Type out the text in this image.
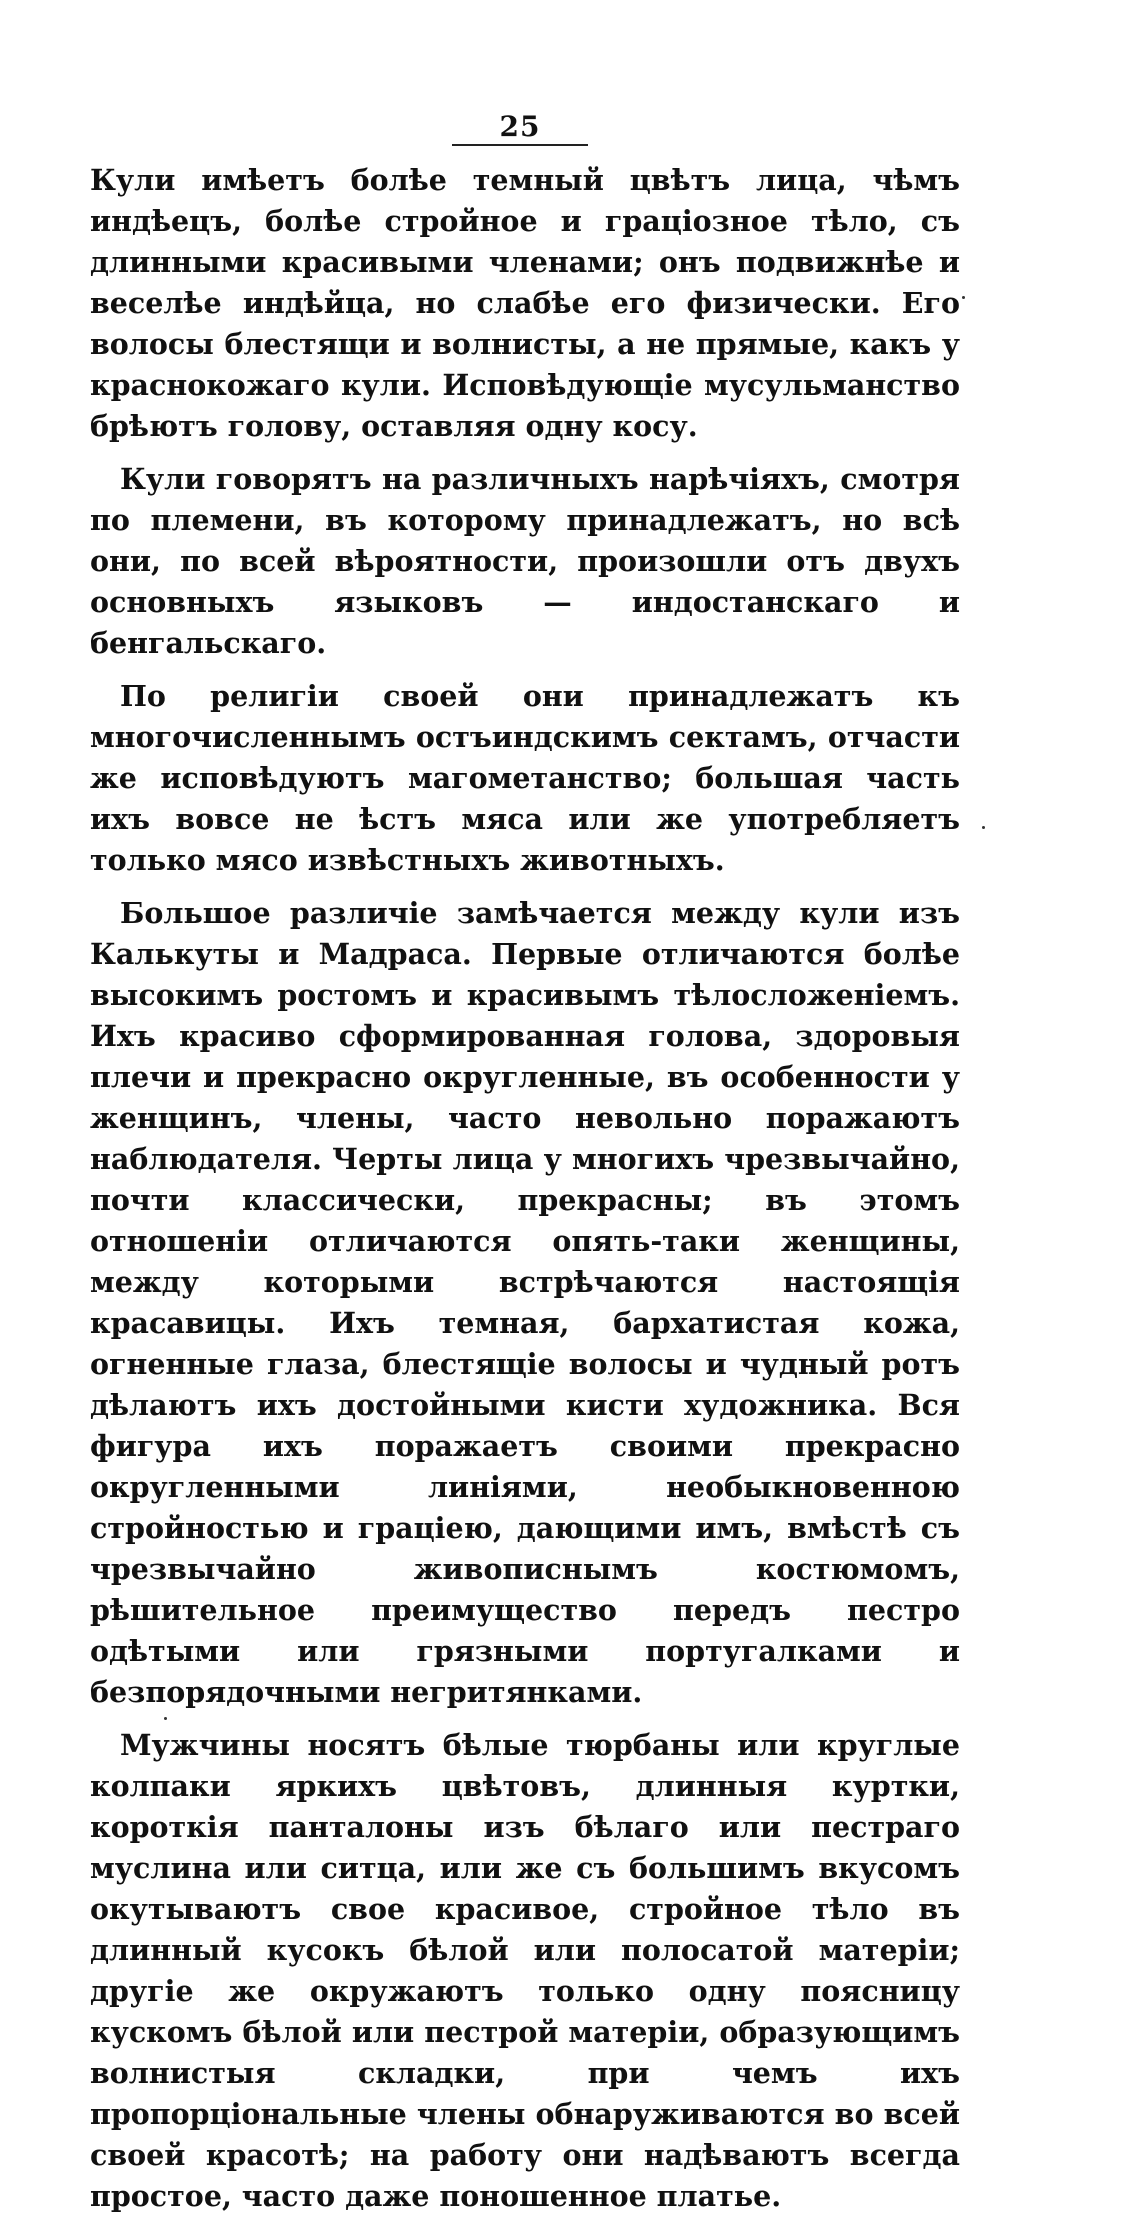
25

Кули имѣетъ болѣе темный цвѣтъ лица, чѣмъ индѣецъ, болѣе стройное и граціозное тѣло, съ длинными красивыми членами; онъ подвижнѣе и веселѣе индѣйца, но слабѣе его физически. Его волосы блестящи и волнисты, а не прямые, какъ у краснокожаго кули. Исповѣдующіе мусульманство брѣютъ голову, оставляя одну косу.

Кули говорятъ на различныхъ нарѣчіяхъ, смотря по племени, въ которому принадлежатъ, но всѣ они, по всей вѣроятности, произошли отъ двухъ основныхъ языковъ — индостанскаго и бенгальскаго.

По религіи своей они принадлежатъ къ многочисленнымъ остъиндскимъ сектамъ, отчасти же исповѣдуютъ магометанство; большая часть ихъ вовсе не ѣстъ мяса или же употребляетъ только мясо извѣстныхъ животныхъ.

Большое различіе замѣчается между кули изъ Калькуты и Мадраса. Первые отличаются болѣе высокимъ ростомъ и красивымъ тѣлосложеніемъ. Ихъ красиво сформированная голова, здоровыя плечи и прекрасно округленные, въ особенности у женщинъ, члены, часто невольно поражаютъ наблюдателя. Черты лица у многихъ чрезвычайно, почти классически, прекрасны; въ этомъ отношеніи отличаются опять-таки женщины, между которыми встрѣчаются настоящія красавицы. Ихъ темная, бархатистая кожа, огненные глаза, блестящіе волосы и чудный ротъ дѣлаютъ ихъ достойными кисти художника. Вся фигура ихъ поражаетъ своими прекрасно округленными линіями, необыкновенною стройностью и граціею, дающими имъ, вмѣстѣ съ чрезвычайно живописнымъ костюмомъ, рѣшительное преимущество передъ пестро одѣтыми или грязными португалками и безпорядочными негритянками.

Мужчины носятъ бѣлые тюрбаны или круглые колпаки яркихъ цвѣтовъ, длинныя куртки, короткія панталоны изъ бѣлаго или пестраго муслина или ситца, или же съ большимъ вкусомъ окутываютъ свое красивое, стройное тѣло въ длинный кусокъ бѣлой или полосатой матеріи; другіе же окружаютъ только одну поясницу кускомъ бѣлой или пестрой матеріи, образующимъ волнистыя складки, при чемъ ихъ пропорціональные члены обнаруживаются во всей своей красотѣ; на работу они надѣваютъ всегда простое, часто даже поношенное платье.
